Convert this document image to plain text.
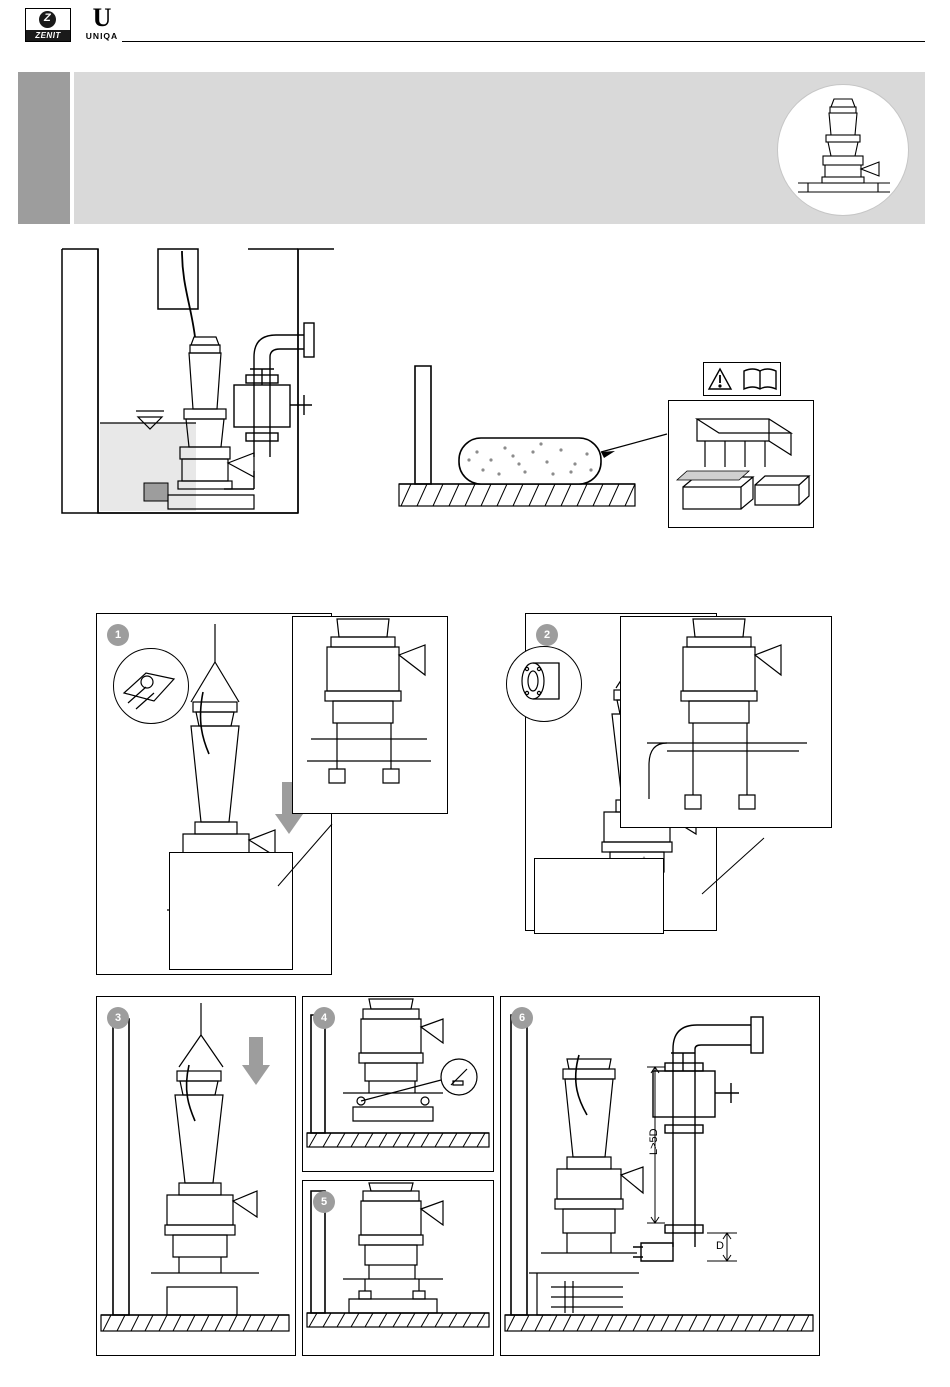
Z
ZENIT
U
UNIQA
1	2
3	4
5
6
L>5D
D
